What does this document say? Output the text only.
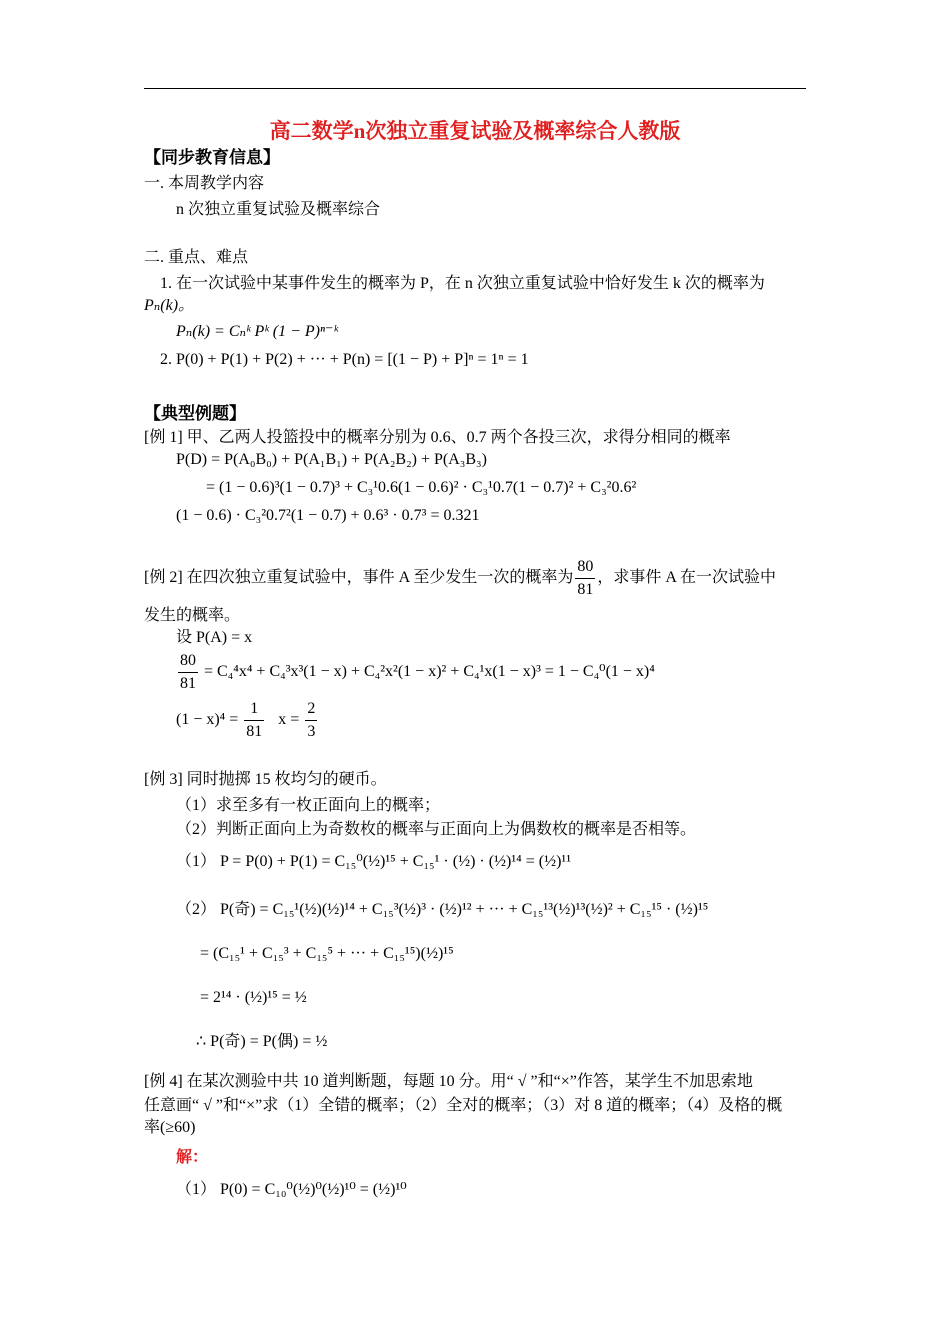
高二数学n次独立重复试验及概率综合人教版
【同步教育信息】
一. 本周教学内容
n 次独立重复试验及概率综合
二. 重点、难点
1. 在一次试验中某事件发生的概率为 P，在 n 次独立重复试验中恰好发生 k 次的概率为
Pₙ(k)。
Pₙ(k) = Cₙᵏ Pᵏ (1 − P)ⁿ⁻ᵏ
2. P(0) + P(1) + P(2) + ··· + P(n) = [(1 − P) + P]ⁿ = 1ⁿ = 1
【典型例题】
[例 1] 甲、乙两人投篮投中的概率分别为 0.6、0.7 两个各投三次，求得分相同的概率
P(D) = P(A₀B₀) + P(A₁B₁) + P(A₂B₂) + P(A₃B₃)
= (1 − 0.6)³(1 − 0.7)³ + C₃¹0.6(1 − 0.6)² · C₃¹0.7(1 − 0.7)² + C₃²0.6²
(1 − 0.6) · C₃²0.7²(1 − 0.7) + 0.6³ · 0.7³ = 0.321
[例 2] 在四次独立重复试验中，事件 A 至少发生一次的概率为 $\frac{80}{81}$ ，求事件 A 在一次试验中
发生的概率。
设 P(A) = x
$\frac{80}{81} = C_4^4x^4 + C_4^3x^3(1 - x) + C_4^2x^2(1 - x)^2 + C_4^1x(1 - x)^3 = 1 - C_4^0(1 - x)^4$
$(1 - x)^4 = \frac{1}{81}$ $x = \frac{2}{3}$
[例 3] 同时抛掷 15 枚均匀的硬币。
（1）求至多有一枚正面向上的概率；
（2）判断正面向上为奇数枚的概率与正面向上为偶数枚的概率是否相等。
（1） P = P(0) + P(1) = C₁₅⁰(½)¹⁵ + C₁₅¹ · (½) · (½)¹⁴ = (½)¹¹
（2） P(奇) = C₁₅¹(½)(½)¹⁴ + C₁₅³(½)³ · (½)¹² + ··· + C₁₅¹³(½)¹³(½)² + C₁₅¹⁵ · (½)¹⁵
= (C₁₅¹ + C₁₅³ + C₁₅⁵ + ··· + C₁₅¹⁵)(½)¹⁵
= 2¹⁴ · (½)¹⁵ = ½
∴ P(奇) = P(偶) = ½
[例 4] 在某次测验中共 10 道判断题，每题 10 分。用“ √ ”和“×”作答，某学生不加思索地
任意画“ √ ”和“×”求（1）全错的概率；（2）全对的概率；（3）对 8 道的概率；（4）及格的概
率(≥60)
解：
（1） P(0) = C₁₀⁰(½)⁰(½)¹⁰ = (½)¹⁰
